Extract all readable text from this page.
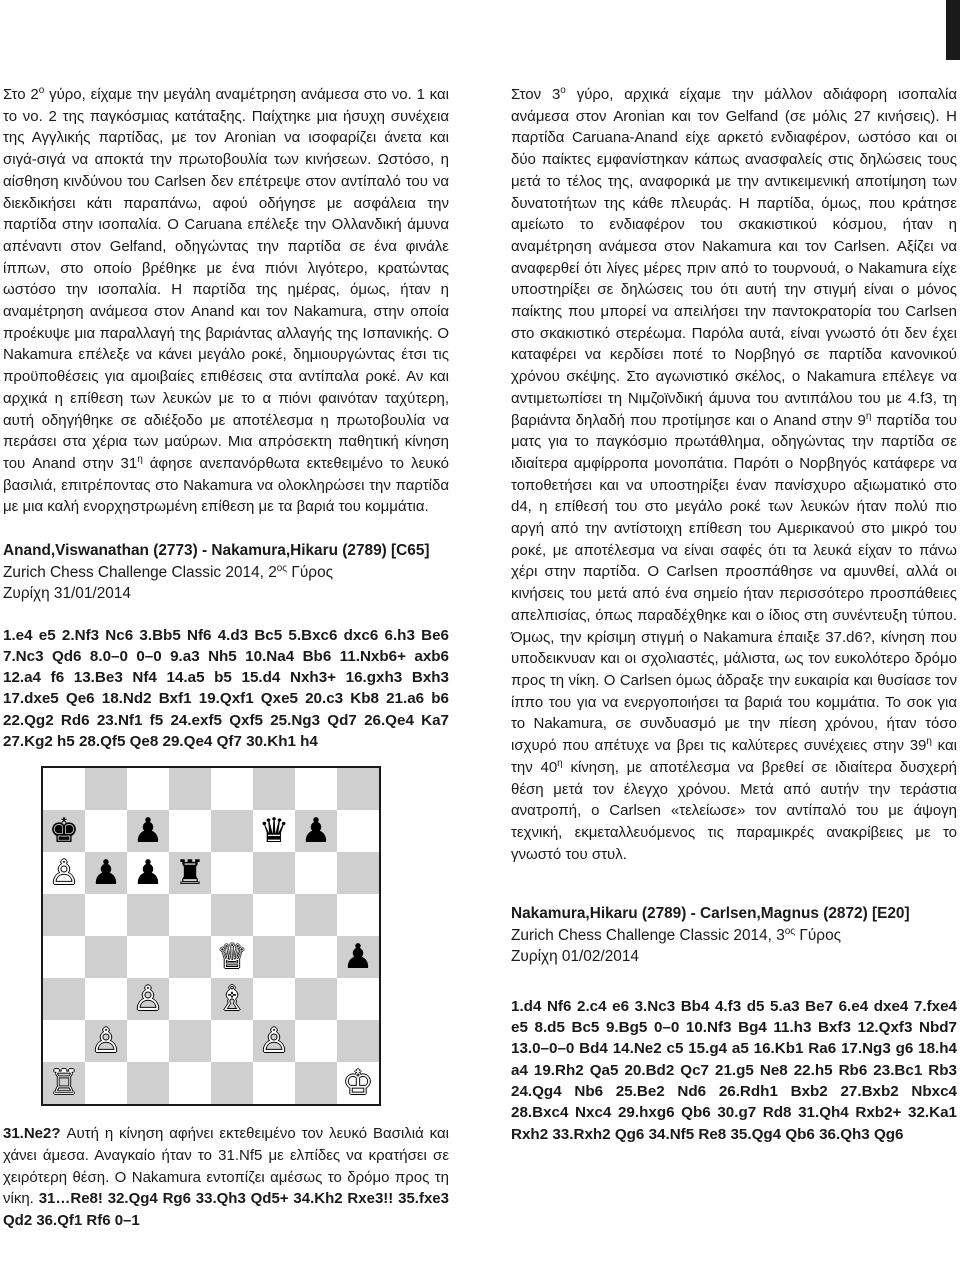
Στο $2^o$ γύρο, είχαμε την μεγάλη αναμέτρηση ανάμεσα στο νο. 1 και το νο. 2 της παγκόσμιας κατάταξης. Παίχτηκε μια ήσυχη συνέχεια της Αγγλικής παρτίδας, με τον Aronian να ισοφαρίζει άνετα και σιγά-σιγά να αποκτά την πρωτοβουλία των κινήσεων. Ωστόσο, η αίσθηση κινδύνου του Carlsen δεν επέτρεψε στον αντίπαλό του να διεκδικήσει κάτι παραπάνω, αφού οδήγησε με ασφάλεια την παρτίδα στην ισοπαλία. Ο Caruana επέλεξε την Ολλανδική άμυνα απέναντι στον Gelfand, οδηγώντας την παρτίδα σε ένα φινάλε ίππων, στο οποίο βρέθηκε με ένα πιόνι λιγότερο, κρατώντας ωστόσο την ισοπαλία. Η παρτίδα της ημέρας, όμως, ήταν η αναμέτρηση ανάμεσα στον Anand και τον Nakamura, στην οποία προέκυψε μια παραλλαγή της βαριάντας αλλαγής της Ισπανικής. Ο Nakamura επέλεξε να κάνει μεγάλο ροκέ, δημιουργώντας έτσι τις προϋποθέσεις για αμοιβαίες επιθέσεις στα αντίπαλα ροκέ. Αν και αρχικά η επίθεση των λευκών με το α πιόνι φαινόταν ταχύτερη, αυτή οδηγήθηκε σε αδιέξοδο με αποτέλεσμα η πρωτοβουλία να περάσει στα χέρια των μαύρων. Μια απρόσεκτη παθητική κίνηση του Anand στην $31^\eta$ άφησε ανεπανόρθωτα εκτεθειμένο το λευκό βασιλιά, επιτρέποντας στο Nakamura να ολοκληρώσει την παρτίδα με μια καλή ενορχηστρωμένη επίθεση με τα βαριά του κομμάτια.

Anand,Viswanathan (2773) - Nakamura,Hikaru (2789) [C65]
Zurich Chess Challenge Classic 2014, $2^{o\varsigma}$ Γύρος
Ζυρίχη 31/01/2014
1.e4 e5 2.Nf3 Nc6 3.Bb5 Nf6 4.d3 Bc5 5.Bxc6 dxc6 6.h3 Be6 7.Nc3 Qd6 8.0–0 0–0 9.a3 Nh5 10.Na4 Bb6 11.Nxb6+ axb6 12.a4 f6 13.Be3 Nf4 14.a5 b5 15.d4 Nxh3+ 16.gxh3 Bxh3 17.dxe5 Qe6 18.Nd2 Bxf1 19.Qxf1 Qxe5 20.c3 Kb8 21.a6 b6 22.Qg2 Rd6 23.Nf1 f5 24.exf5 Qxf5 25.Ng3 Qd7 26.Qe4 Ka7 27.Kg2 h5 28.Qf5 Qe8 29.Qe4 Qf7 30.Kh1 h4
♚ ♟	♛ ♟
♙ ♟ ♟ ♜
♕	♟
♙ ♗
♙	♙
♖	♔

31.Ne2? Αυτή η κίνηση αφήνει εκτεθειμένο τον λευκό Βασιλιά και χάνει άμεσα. Αναγκαίο ήταν το 31.Nf5 με ελπίδες να κρατήσει σε χειρότερη θέση. Ο Nakamura εντοπίζει αμέσως το δρόμο προς τη νίκη. 31…Re8! 32.Qg4 Rg6 33.Qh3 Qd5+ 34.Kh2 Rxe3!! 35.fxe3 Qd2 36.Qf1 Rf6 0–1

Στον $3^o$ γύρο, αρχικά είχαμε την μάλλον αδιάφορη ισοπαλία ανάμεσα στον Aronian και τον Gelfand (σε μόλις 27 κινήσεις). Η παρτίδα Caruana-Anand είχε αρκετό ενδιαφέρον, ωστόσο και οι δύο παίκτες εμφανίστηκαν κάπως ανασφαλείς στις δηλώσεις τους μετά το τέλος της, αναφορικά με την αντικειμενική αποτίμηση των δυνατοτήτων της κάθε πλευράς. Η παρτίδα, όμως, που κράτησε αμείωτο το ενδιαφέρον του σκακιστικού κόσμου, ήταν η αναμέτρηση ανάμεσα στον Nakamura και τον Carlsen. Αξίζει να αναφερθεί ότι λίγες μέρες πριν από το τουρνουά, ο Nakamura είχε υποστηρίξει σε δηλώσεις του ότι αυτή την στιγμή είναι ο μόνος παίκτης που μπορεί να απειλήσει την παντοκρατορία του Carlsen στο σκακιστικό στερέωμα. Παρόλα αυτά, είναι γνωστό ότι δεν έχει καταφέρει να κερδίσει ποτέ το Νορβηγό σε παρτίδα κανονικού χρόνου σκέψης. Στο αγωνιστικό σκέλος, ο Nakamura επέλεγε να αντιμετωπίσει τη Νιμζοϊνδική άμυνα του αντιπάλου του με 4.f3, τη βαριάντα δηλαδή που προτίμησε και ο Anand στην $9^\eta$ παρτίδα του ματς για το παγκόσμιο πρωτάθλημα, οδηγώντας την παρτίδα σε ιδιαίτερα αμφίρροπα μονοπάτια. Παρότι ο Νορβηγός κατάφερε να τοποθετήσει και να υποστηρίξει έναν πανίσχυρο αξιωματικό στο d4, η επίθεσή του στο μεγάλο ροκέ των λευκών ήταν πολύ πιο αργή από την αντίστοιχη επίθεση του Αμερικανού στο μικρό του ροκέ, με αποτέλεσμα να είναι σαφές ότι τα λευκά είχαν το πάνω χέρι στην παρτίδα. Ο Carlsen προσπάθησε να αμυνθεί, αλλά οι κινήσεις του μετά από ένα σημείο ήταν περισσότερο προσπάθειες απελπισίας, όπως παραδέχθηκε και ο ίδιος στη συνέντευξη τύπου. Όμως, την κρίσιμη στιγμή ο Nakamura έπαιξε 37.d6?, κίνηση που υποδεικνυαν και οι σχολιαστές, μάλιστα, ως τον ευκολότερο δρόμο προς τη νίκη. Ο Carlsen όμως άδραξε την ευκαιρία και θυσίασε τον ίππο του για να ενεργοποιήσει τα βαριά του κομμάτια. Το σοκ για το Nakamura, σε συνδυασμό με την πίεση χρόνου, ήταν τόσο ισχυρό που απέτυχε να βρει τις καλύτερες συνέχειες στην $39^\eta$ και την $40^\eta$ κίνηση, με αποτέλεσμα να βρεθεί σε ιδιαίτερα δυσχερή θέση μετά τον έλεγχο χρόνου. Μετά από αυτήν την τεράστια ανατροπή, ο Carlsen «τελείωσε» τον αντίπαλό του με άψογη τεχνική, εκμεταλλευόμενος τις παραμικρές ανακρίβειες με το γνωστό του στυλ.

Nakamura,Hikaru (2789) - Carlsen,Magnus (2872) [E20]
Zurich Chess Challenge Classic 2014, $3^{o\varsigma}$ Γύρος
Ζυρίχη 01/02/2014
1.d4 Nf6 2.c4 e6 3.Nc3 Bb4 4.f3 d5 5.a3 Be7 6.e4 dxe4 7.fxe4 e5 8.d5 Bc5 9.Bg5 0–0 10.Nf3 Bg4 11.h3 Bxf3 12.Qxf3 Nbd7 13.0–0–0 Bd4 14.Ne2 c5 15.g4 a5 16.Kb1 Ra6 17.Ng3 g6 18.h4 a4 19.Rh2 Qa5 20.Bd2 Qc7 21.g5 Ne8 22.h5 Rb6 23.Bc1 Rb3 24.Qg4 Nb6 25.Be2 Nd6 26.Rdh1 Bxb2 27.Bxb2 Nbxc4 28.Bxc4 Nxc4 29.hxg6 Qb6 30.g7 Rd8 31.Qh4 Rxb2+ 32.Ka1 Rxh2 33.Rxh2 Qg6 34.Nf5 Re8 35.Qg4 Qb6 36.Qh3 Qg6
